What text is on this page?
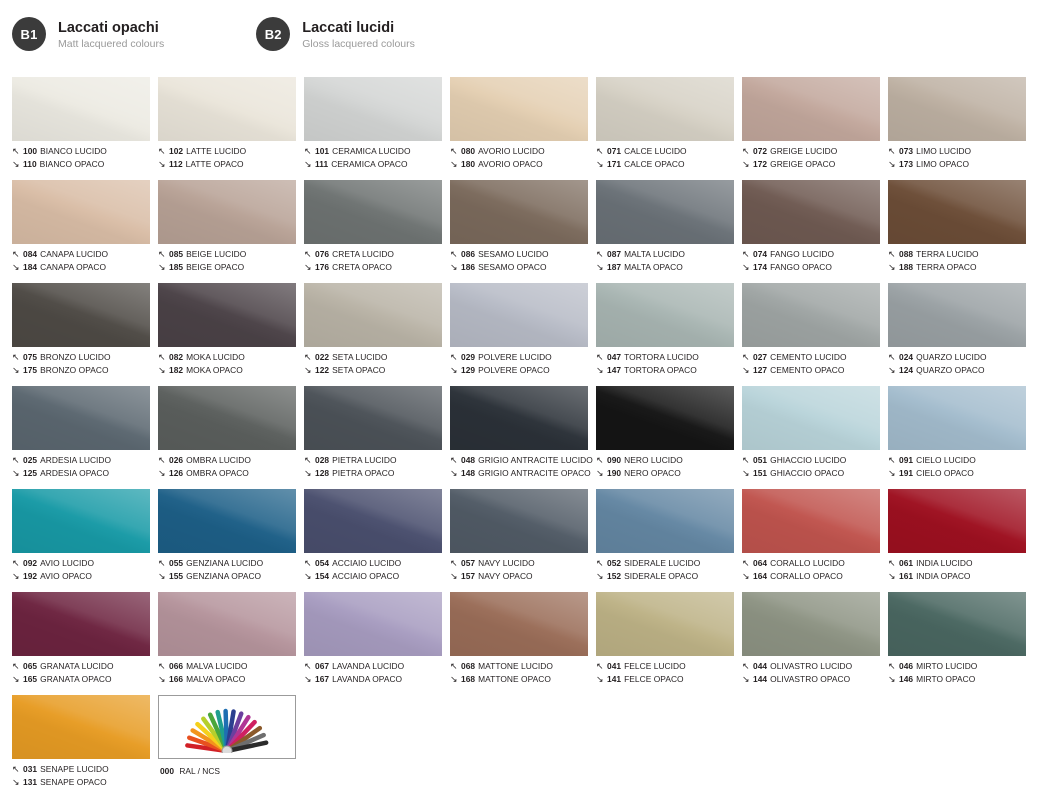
B1	Laccati opachi
Matt lacquered colours
B2	Laccati lucidi
Gloss lacquered colours
↖ 100 BIANCO LUCIDO
↘ 110 BIANCO OPACO
↖ 102 LATTE LUCIDO
↘ 112 LATTE OPACO
↖ 101 CERAMICA LUCIDO
↘ 111 CERAMICA OPACO
↖ 080 AVORIO LUCIDO
↘ 180 AVORIO OPACO
↖ 071 CALCE LUCIDO
↘ 171 CALCE OPACO
↖ 072 GREIGE LUCIDO
↘ 172 GREIGE OPACO
↖ 073 LIMO LUCIDO
↘ 173 LIMO OPACO
↖ 084 CANAPA LUCIDO
↘ 184 CANAPA OPACO
↖ 085 BEIGE LUCIDO
↘ 185 BEIGE OPACO
↖ 076 CRETA LUCIDO
↘ 176 CRETA OPACO
↖ 086 SESAMO LUCIDO
↘ 186 SESAMO OPACO
↖ 087 MALTA LUCIDO
↘ 187 MALTA OPACO
↖ 074 FANGO LUCIDO
↘ 174 FANGO OPACO
↖ 088 TERRA LUCIDO
↘ 188 TERRA OPACO
↖ 075 BRONZO LUCIDO
↘ 175 BRONZO OPACO
↖ 082 MOKA LUCIDO
↘ 182 MOKA OPACO
↖ 022 SETA LUCIDO
↘ 122 SETA OPACO
↖ 029 POLVERE LUCIDO
↘ 129 POLVERE OPACO
↖ 047 TORTORA LUCIDO
↘ 147 TORTORA OPACO
↖ 027 CEMENTO LUCIDO
↘ 127 CEMENTO OPACO
↖ 024 QUARZO LUCIDO
↘ 124 QUARZO OPACO
↖ 025 ARDESIA LUCIDO
↘ 125 ARDESIA OPACO
↖ 026 OMBRA LUCIDO
↘ 126 OMBRA OPACO
↖ 028 PIETRA LUCIDO
↘ 128 PIETRA OPACO
↖ 048 GRIGIO ANTRACITE LUCIDO
↘ 148 GRIGIO ANTRACITE OPACO
↖ 090 NERO LUCIDO
↘ 190 NERO OPACO
↖ 051 GHIACCIO LUCIDO
↘ 151 GHIACCIO OPACO
↖ 091 CIELO LUCIDO
↘ 191 CIELO OPACO
↖ 092 AVIO LUCIDO
↘ 192 AVIO OPACO
↖ 055 GENZIANA LUCIDO
↘ 155 GENZIANA OPACO
↖ 054 ACCIAIO LUCIDO
↘ 154 ACCIAIO OPACO
↖ 057 NAVY LUCIDO
↘ 157 NAVY OPACO
↖ 052 SIDERALE LUCIDO
↘ 152 SIDERALE OPACO
↖ 064 CORALLO LUCIDO
↘ 164 CORALLO OPACO
↖ 061 INDIA LUCIDO
↘ 161 INDIA OPACO
↖ 065 GRANATA LUCIDO
↘ 165 GRANATA OPACO
↖ 066 MALVA LUCIDO
↘ 166 MALVA OPACO
↖ 067 LAVANDA LUCIDO
↘ 167 LAVANDA OPACO
↖ 068 MATTONE LUCIDO
↘ 168 MATTONE OPACO
↖ 041 FELCE LUCIDO
↘ 141 FELCE OPACO
↖ 044 OLIVASTRO LUCIDO
↘ 144 OLIVASTRO OPACO
↖ 046 MIRTO LUCIDO
↘ 146 MIRTO OPACO
↖ 031 SENAPE LUCIDO
↘ 131 SENAPE OPACO
000 RAL / NCS
